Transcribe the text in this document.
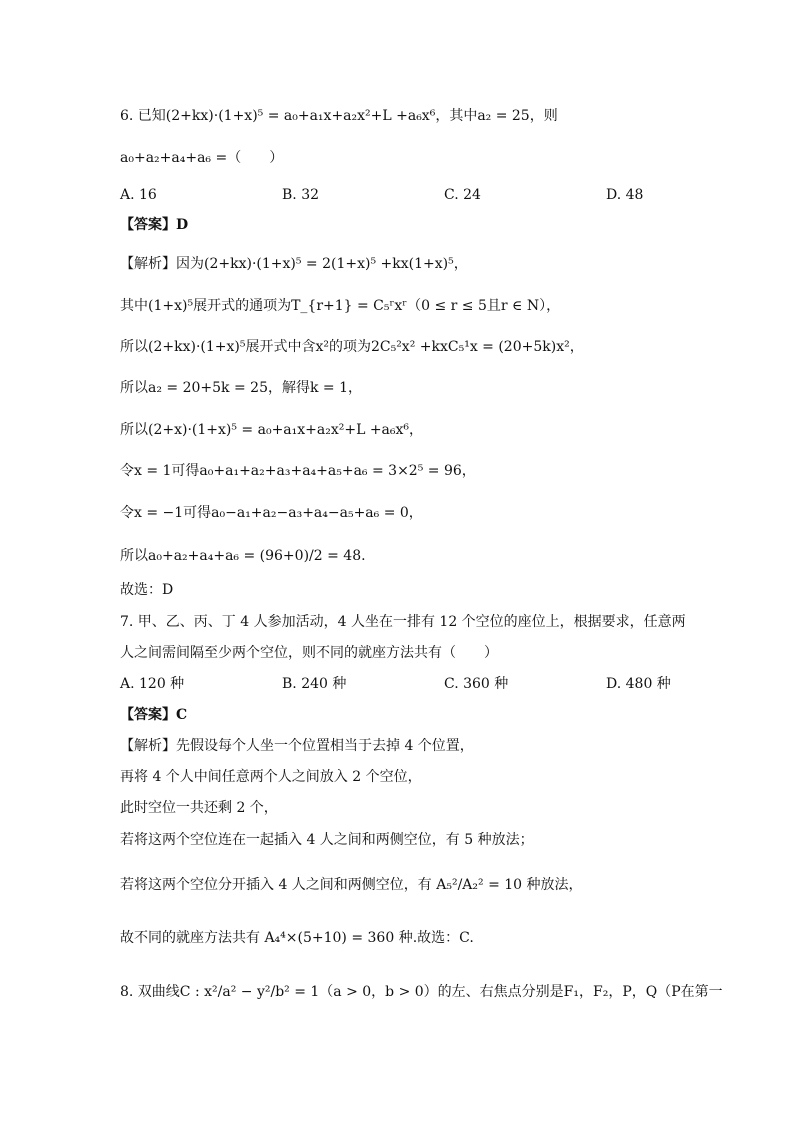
6. 已知(2+kx)·(1+x)⁵ = a₀+a₁x+a₂x²+L +a₆x⁶，其中a₂ = 25，则
a₀+a₂+a₄+a₆ =（　　）
A. 16	B. 32	C. 24	D. 48
【答案】D
【解析】因为(2+kx)·(1+x)⁵ = 2(1+x)⁵ +kx(1+x)⁵，
其中(1+x)⁵展开式的通项为T_{r+1} = C₅ʳxʳ（0 ≤ r ≤ 5且r ∈ N），
所以(2+kx)·(1+x)⁵展开式中含x²的项为2C₅²x² +kxC₅¹x = (20+5k)x²，
所以a₂ = 20+5k = 25，解得k = 1，
所以(2+x)·(1+x)⁵ = a₀+a₁x+a₂x²+L +a₆x⁶，
令x = 1可得a₀+a₁+a₂+a₃+a₄+a₅+a₆ = 3×2⁵ = 96，
令x = −1可得a₀−a₁+a₂−a₃+a₄−a₅+a₆ = 0，
所以a₀+a₂+a₄+a₆ = (96+0)/2 = 48.
故选：D
7. 甲、乙、丙、丁 4 人参加活动，4 人坐在一排有 12 个空位的座位上，根据要求，任意两
人之间需间隔至少两个空位，则不同的就座方法共有（　　）
A. 120 种	B. 240 种	C. 360 种	D. 480 种
【答案】C
【解析】先假设每个人坐一个位置相当于去掉 4 个位置，
再将 4 个人中间任意两个人之间放入 2 个空位，
此时空位一共还剩 2 个，
若将这两个空位连在一起插入 4 人之间和两侧空位，有 5 种放法；
若将这两个空位分开插入 4 人之间和两侧空位，有 A₅²/A₂² = 10 种放法，
故不同的就座方法共有 A₄⁴×(5+10) = 360 种.故选：C.
8. 双曲线C : x²/a² − y²/b² = 1（a > 0，b > 0）的左、右焦点分别是F₁，F₂，P，Q（P在第一
